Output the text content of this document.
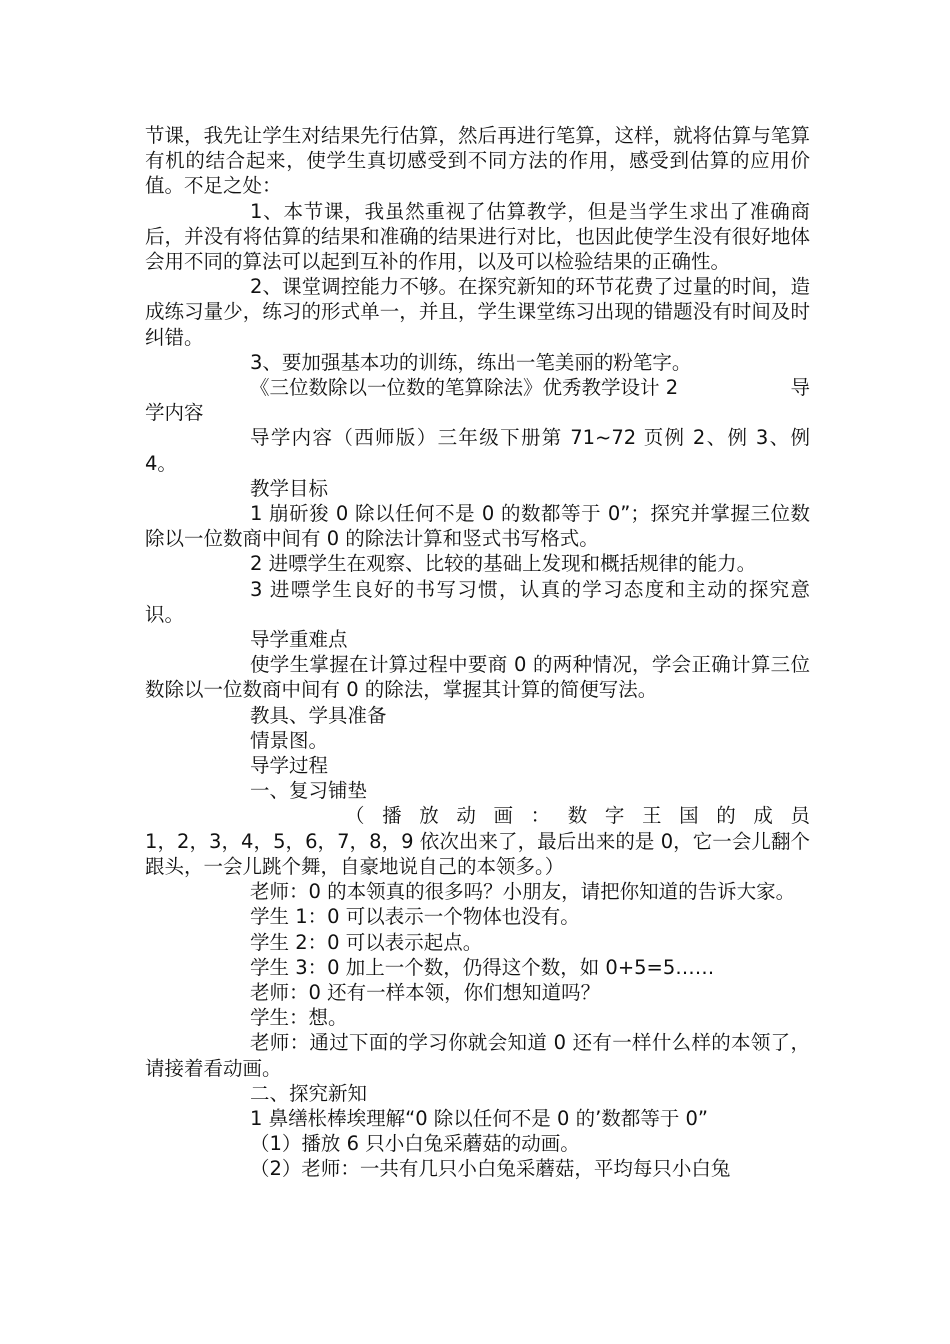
节课，我先让学生对结果先行估算，然后再进行笔算，这样，就将估算与笔算有机的结合起来，使学生真切感受到不同方法的作用，感受到估算的应用价值。不足之处：

1、本节课，我虽然重视了估算教学，但是当学生求出了准确商后，并没有将估算的结果和准确的结果进行对比，也因此使学生没有很好地体会用不同的算法可以起到互补的作用，以及可以检验结果的正确性。

2、课堂调控能力不够。在探究新知的环节花费了过量的时间，造成练习量少，练习的形式单一，并且，学生课堂练习出现的错题没有时间及时纠错。

3、要加强基本功的训练，练出一笔美丽的粉笔字。

《三位数除以一位数的笔算除法》优秀教学设计 2	导

学内容

导学内容（西师版）三年级下册第 71~72 页例 2、例 3、例 4。

教学目标

1 崩斫狻 0 除以任何不是 0 的数都等于 0”；探究并掌握三位数除以一位数商中间有 0 的除法计算和竖式书写格式。

2 进嘌学生在观察、比较的基础上发现和概括规律的能力。

3 进嘌学生良好的书写习惯，认真的学习态度和主动的探究意识。

导学重难点

使学生掌握在计算过程中要商 0 的两种情况，学会正确计算三位数除以一位数商中间有 0 的除法，掌握其计算的简便写法。

教具、学具准备

情景图。

导学过程

一、复习铺垫

（播放动画：数字王国的成员

1，2，3，4，5，6，7，8，9 依次出来了，最后出来的是 0，它一会儿翻个跟头，一会儿跳个舞，自豪地说自己的本领多。）

老师：0 的本领真的很多吗？小朋友，请把你知道的告诉大家。

学生 1：0 可以表示一个物体也没有。

学生 2：0 可以表示起点。

学生 3：0 加上一个数，仍得这个数，如 0+5=5……

老师：0 还有一样本领，你们想知道吗？

学生：想。

老师：通过下面的学习你就会知道 0 还有一样什么样的本领了，请接着看动画。

二、探究新知

1 鼻缮枨棒埃理解“0 除以任何不是 0 的’数都等于 0”

（1）播放 6 只小白兔采蘑菇的动画。

（2）老师：一共有几只小白兔采蘑菇，平均每只小白兔
